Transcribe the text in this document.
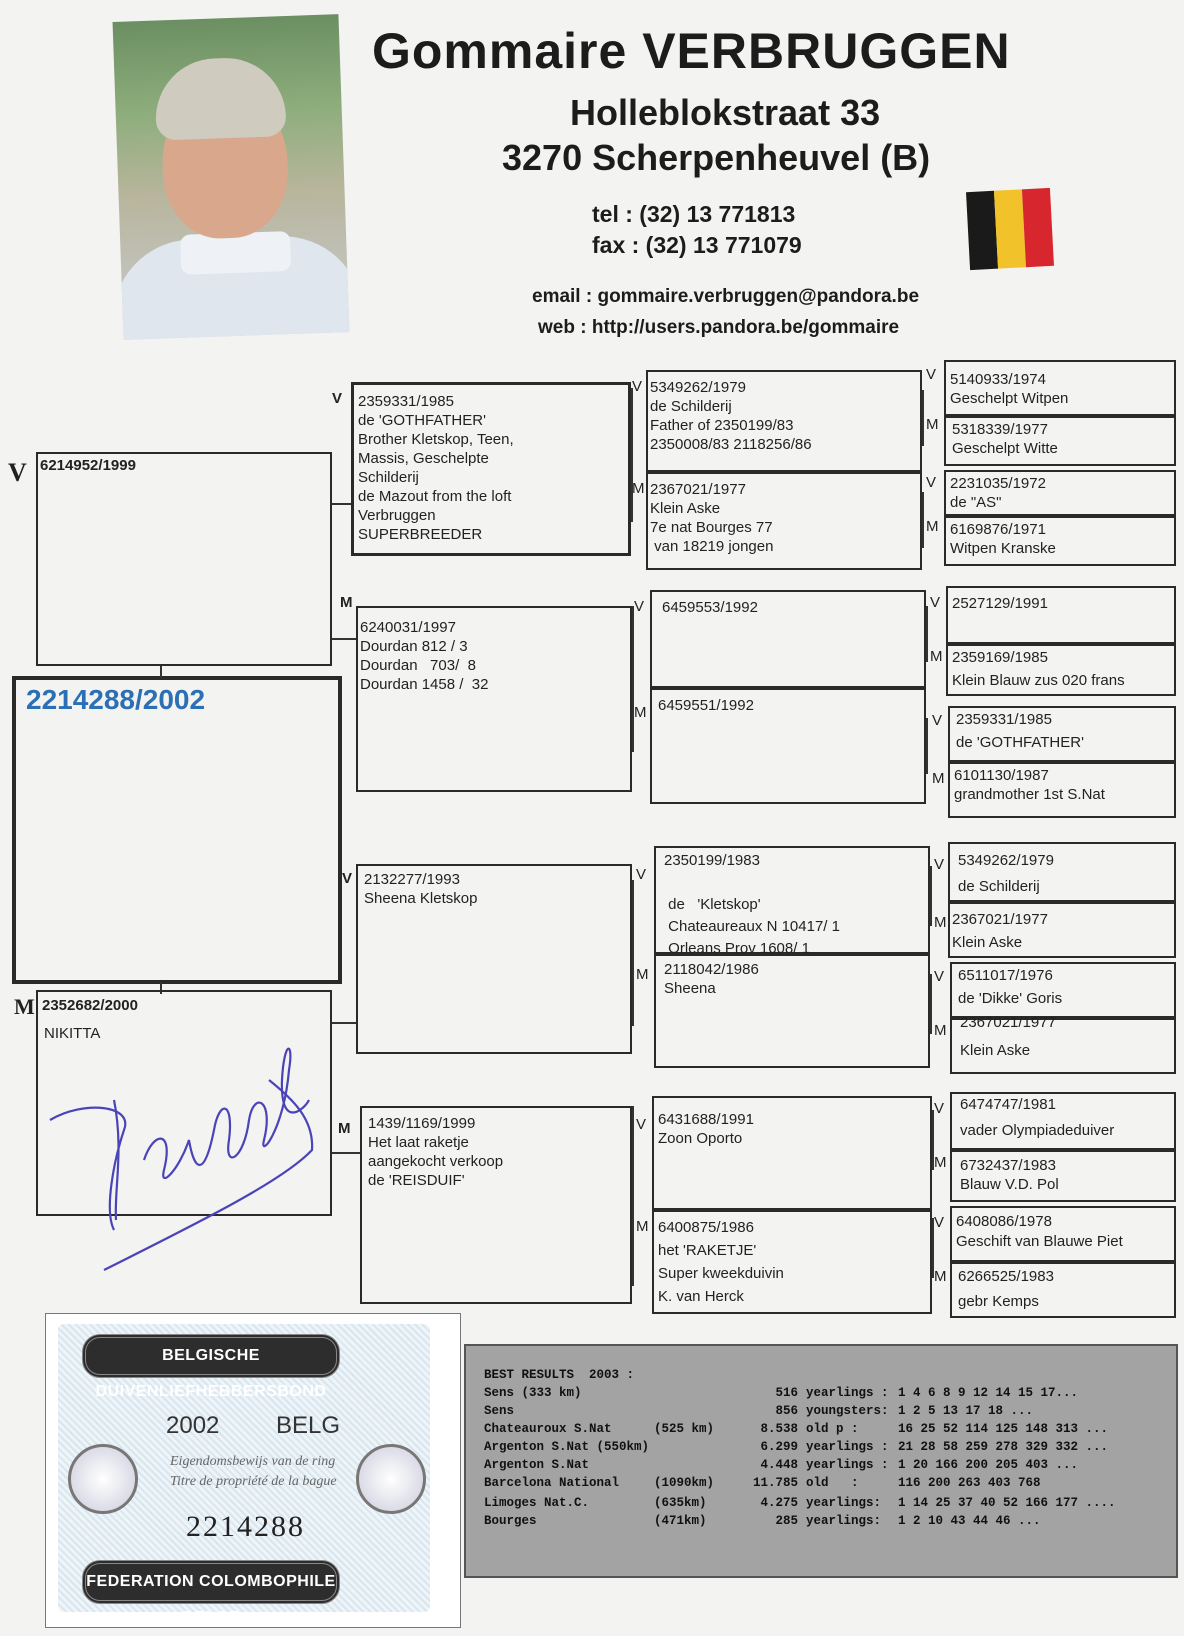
Gommaire VERBRUGGEN
Holleblokstraat 33
3270 Scherpenheuvel (B)
tel : (32) 13 771813
fax : (32) 13 771079
email : gommaire.verbruggen@pandora.be
web : http://users.pandora.be/gommaire
2214288/2002
V 6214952/1999
M 2352682/2000
NIKITTA
V 2359331/1985
de 'GOTHFATHER'
Brother Kletskop, Teen,
Massis, Geschelpte
Schilderij
de Mazout from the loft
Verbruggen
SUPERBREEDER
M
6240031/1997
Dourdan 812 / 3
Dourdan   703/  8
Dourdan 1458 /  32
V 2132277/1993
Sheena Kletskop
M 1439/1169/1999
Het laat raketje
aangekocht verkoop
de 'REISDUIF'
V 5349262/1979
de Schilderij
Father of 2350199/83
2350008/83 2118256/86
M 2367021/1977
Klein Aske
7e nat Bourges 77
van 18219 jongen
V 6459553/1992
M 6459551/1992
V
2350199/1983

de   'Kletskop'
Chateaureaux N 10417/ 1
Orleans Prov 1608/ 1
M 2118042/1986
Sheena
V 6431688/1991
Zoon Oporto
M 6400875/1986
het 'RAKETJE'
Super kweekduivin
K. van Herck
V 5140933/1974
Geschelpt Witpen
M 5318339/1977
Geschelpt Witte
V 2231035/1972
de "AS"
M 6169876/1971
Witpen Kranske
V 2527129/1991
M 2359169/1985
Klein Blauw zus 020 frans
V 2359331/1985
de 'GOTHFATHER'
M 6101130/1987
grandmother 1st S.Nat
V 5349262/1979
de Schilderij
M 2367021/1977
Klein Aske
V 6511017/1976
de 'Dikke' Goris
M 2367021/1977

Klein Aske
V 6474747/1981

vader Olympiadeduiver
M 6732437/1983
Blauw V.D. Pol
V 6408086/1978
Geschift van Blauwe Piet
M 6266525/1983
gebr Kemps
BELGISCHE DUIVENLIEFHEBBERSBOND
2002 BELG
Eigendomsbewijs van de ring
Titre de propriété de la bague
2214288
FEDERATION COLOMBOPHILE BELGE
BEST RESULTS  2003 :
Sens (333 km)	516 yearlings : 1 4 6 8 9 12 14 15 17...
Sens	856 youngsters: 1 2 5 13 17 18 ...
Chateauroux S.Nat	(525 km)	8.538 old p :	16 25 52 114 125 148 313 ...
Argenton S.Nat (550km)	6.299 yearlings : 21 28 58 259 278 329 332 ...
Argenton S.Nat	4.448 yearlings : 1 20 166 200 205 403 ...
Barcelona National	(1090km)	11.785 old   :	116 200 263 403 768
Limoges Nat.C.	(635km)	4.275 yearlings: 1 14 25 37 40 52 166 177 ....
Bourges	(471km)	285 yearlings: 1 2 10 43 44 46 ...
